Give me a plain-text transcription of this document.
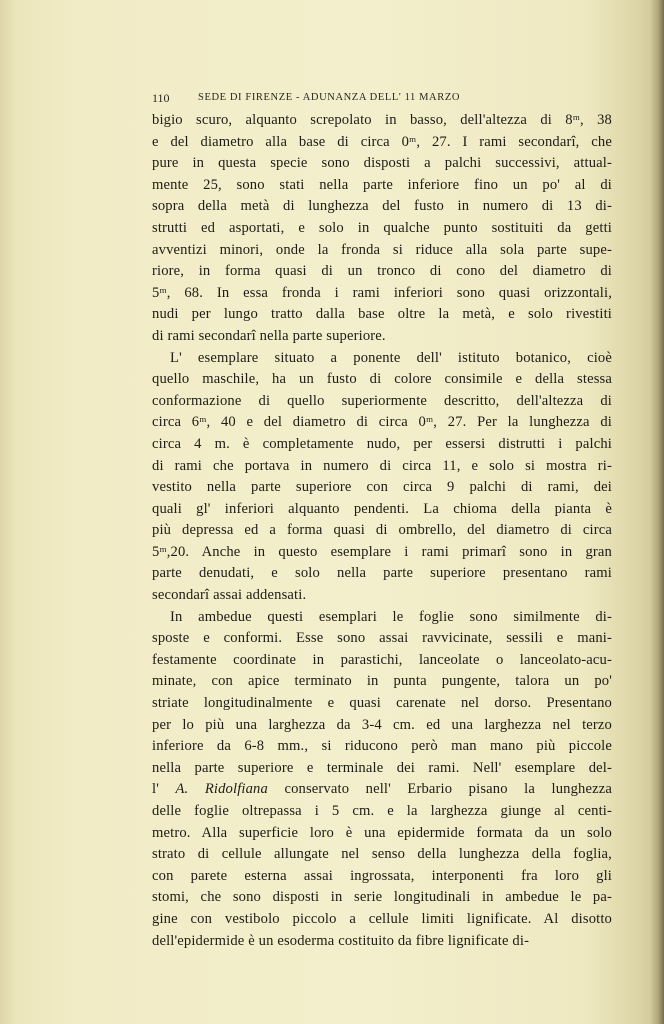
110	SEDE DI FIRENZE - ADUNANZA DELL' 11 MARZO
bigio scuro, alquanto screpolato in basso, dell'altezza di 8ᵐ, 38
e del diametro alla base di circa 0ᵐ, 27. I rami secondarî, che
pure in questa specie sono disposti a palchi successivi, attual-
mente 25, sono stati nella parte inferiore fino un po' al di
sopra della metà di lunghezza del fusto in numero di 13 di-
strutti ed asportati, e solo in qualche punto sostituiti da getti
avventizi minori, onde la fronda si riduce alla sola parte supe-
riore, in forma quasi di un tronco di cono del diametro di
5ᵐ, 68. In essa fronda i rami inferiori sono quasi orizzontali,
nudi per lungo tratto dalla base oltre la metà, e solo rivestiti
di rami secondarî nella parte superiore.
L' esemplare situato a ponente dell' istituto botanico, cioè
quello maschile, ha un fusto di colore consimile e della stessa
conformazione di quello superiormente descritto, dell'altezza di
circa 6ᵐ, 40 e del diametro di circa 0ᵐ, 27. Per la lunghezza di
circa 4 m. è completamente nudo, per essersi distrutti i palchi
di rami che portava in numero di circa 11, e solo si mostra ri-
vestito nella parte superiore con circa 9 palchi di rami, dei
quali gl' inferiori alquanto pendenti. La chioma della pianta è
più depressa ed a forma quasi di ombrello, del diametro di circa
5ᵐ,20. Anche in questo esemplare i rami primarî sono in gran
parte denudati, e solo nella parte superiore presentano rami
secondarî assai addensati.
In ambedue questi esemplari le foglie sono similmente di-
sposte e conformi. Esse sono assai ravvicinate, sessili e mani-
festamente coordinate in parastichi, lanceolate o lanceolato-acu-
minate, con apice terminato in punta pungente, talora un po'
striate longitudinalmente e quasi carenate nel dorso. Presentano
per lo più una larghezza da 3-4 cm. ed una larghezza nel terzo
inferiore da 6-8 mm., si riducono però man mano più piccole
nella parte superiore e terminale dei rami. Nell' esemplare del-
l' A. Ridolfiana conservato nell' Erbario pisano la lunghezza
delle foglie oltrepassa i 5 cm. e la larghezza giunge al centi-
metro. Alla superficie loro è una epidermide formata da un solo
strato di cellule allungate nel senso della lunghezza della foglia,
con parete esterna assai ingrossata, interponenti fra loro gli
stomi, che sono disposti in serie longitudinali in ambedue le pa-
gine con vestibolo piccolo a cellule limiti lignificate. Al disotto
dell'epidermide è un esoderma costituito da fibre lignificate di-
